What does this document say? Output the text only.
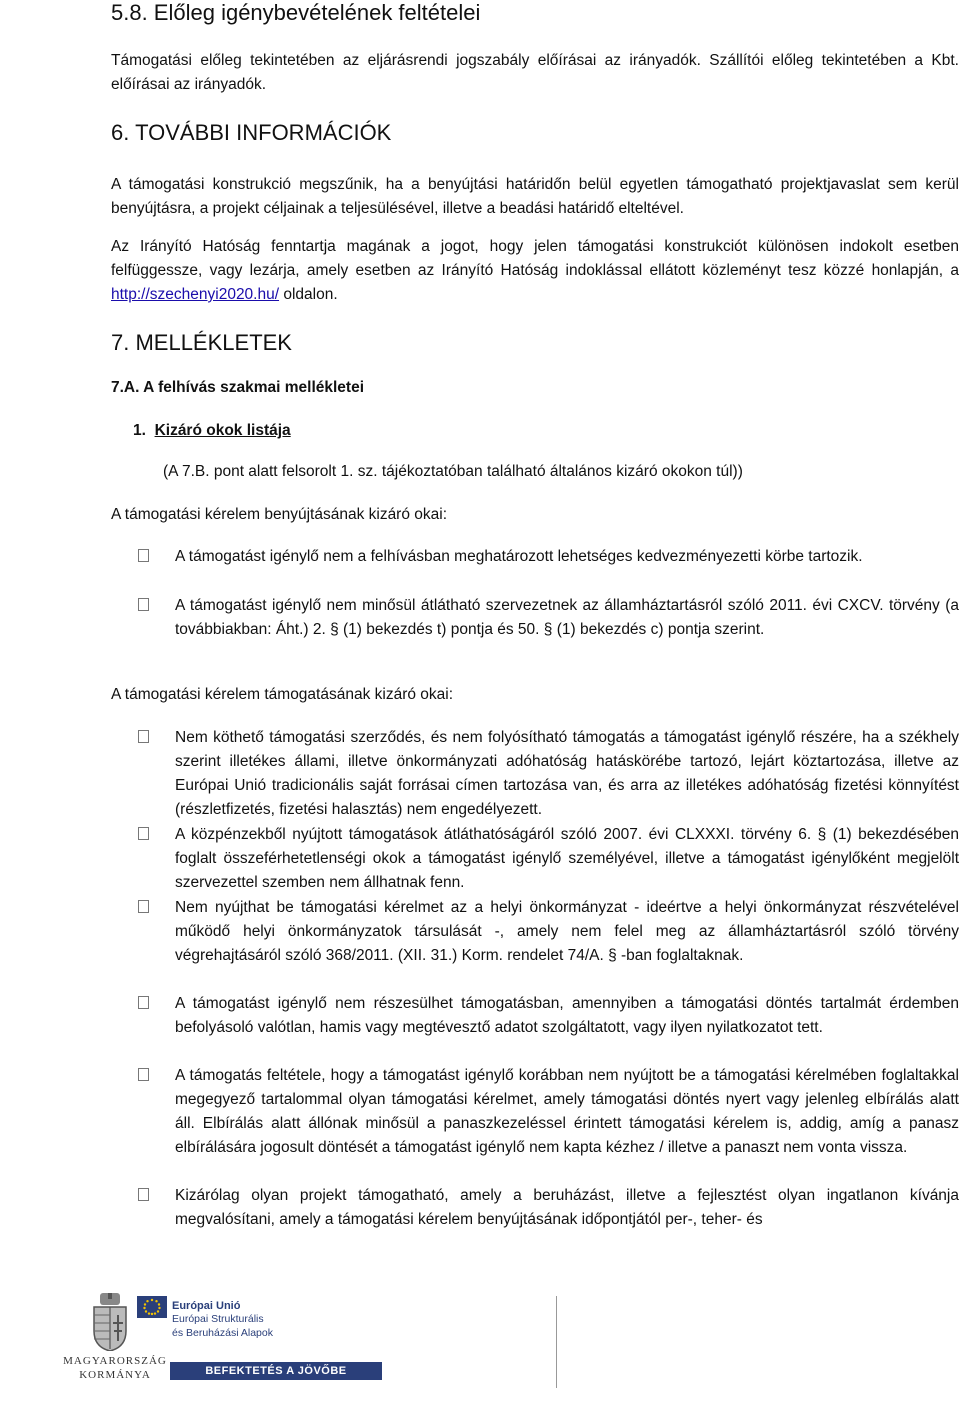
5.8. Előleg igénybevételének feltételei

Támogatási előleg tekintetében az eljárásrendi jogszabály előírásai az irányadók. Szállítói előleg tekintetében a Kbt. előírásai az irányadók.

6. TOVÁBBI INFORMÁCIÓK

A támogatási konstrukció megszűnik, ha a benyújtási határidőn belül egyetlen támogatható projektjavaslat sem kerül benyújtásra, a projekt céljainak a teljesülésével, illetve a beadási határidő elteltével.

Az Irányító Hatóság fenntartja magának a jogot, hogy jelen támogatási konstrukciót különösen indokolt esetben felfüggessze, vagy lezárja, amely esetben az Irányító Hatóság indoklással ellátott közleményt tesz közzé honlapján, a http://szechenyi2020.hu/ oldalon.

7. MELLÉKLETEK

7.A. A felhívás szakmai mellékletei

1. Kizáró okok listája

(A 7.B. pont alatt felsorolt 1. sz. tájékoztatóban található általános kizáró okokon túl))

A támogatási kérelem benyújtásának kizáró okai:

A támogatást igénylő nem a felhívásban meghatározott lehetséges kedvezményezetti körbe tartozik.

A támogatást igénylő nem minősül átlátható szervezetnek az államháztartásról szóló 2011. évi CXCV. törvény (a továbbiakban: Áht.) 2. § (1) bekezdés t) pontja és 50. § (1) bekezdés c) pontja szerint.

A támogatási kérelem támogatásának kizáró okai:

Nem köthető támogatási szerződés, és nem folyósítható támogatás a támogatást igénylő részére, ha a székhely szerint illetékes állami, illetve önkormányzati adóhatóság hatáskörébe tartozó, lejárt köztartozása, illetve az Európai Unió tradicionális saját forrásai címen tartozása van, és arra az illetékes adóhatóság fizetési könnyítést (részletfizetés, fizetési halasztás) nem engedélyezett.

A közpénzekből nyújtott támogatások átláthatóságáról szóló 2007. évi CLXXXI. törvény 6. § (1) bekezdésében foglalt összeférhetetlenségi okok a támogatást igénylő személyével, illetve a támogatást igénylőként megjelölt szervezettel szemben nem állhatnak fenn.

Nem nyújthat be támogatási kérelmet az a helyi önkormányzat - ideértve a helyi önkormányzat részvételével működő helyi önkormányzatok társulását -, amely nem felel meg az államháztartásról szóló törvény végrehajtásáról szóló 368/2011. (XII. 31.) Korm. rendelet 74/A. § -ban foglaltaknak.

A támogatást igénylő nem részesülhet támogatásban, amennyiben a támogatási döntés tartalmát érdemben befolyásoló valótlan, hamis vagy megtévesztő adatot szolgáltatott, vagy ilyen nyilatkozatot tett.

A támogatás feltétele, hogy a támogatást igénylő korábban nem nyújtott be a támogatási kérelmében foglaltakkal megegyező tartalommal olyan támogatási kérelmet, amely támogatási döntés nyert vagy jelenleg elbírálás alatt áll. Elbírálás alatt állónak minősül a panaszkezeléssel érintett támogatási kérelem is, addig, amíg a panasz elbírálására jogosult döntését a támogatást igénylő nem kapta kézhez / illetve a panaszt nem vonta vissza.

Kizárólag olyan projekt támogatható, amely a beruházást, illetve a fejlesztést olyan ingatlanon kívánja megvalósítani, amely a támogatási kérelem benyújtásának időpontjától per-, teher- és

MAGYARORSZÁG
KORMÁNYA
Európai Unió
Európai Strukturális
és Beruházási Alapok
BEFEKTETÉS A JÖVŐBE
